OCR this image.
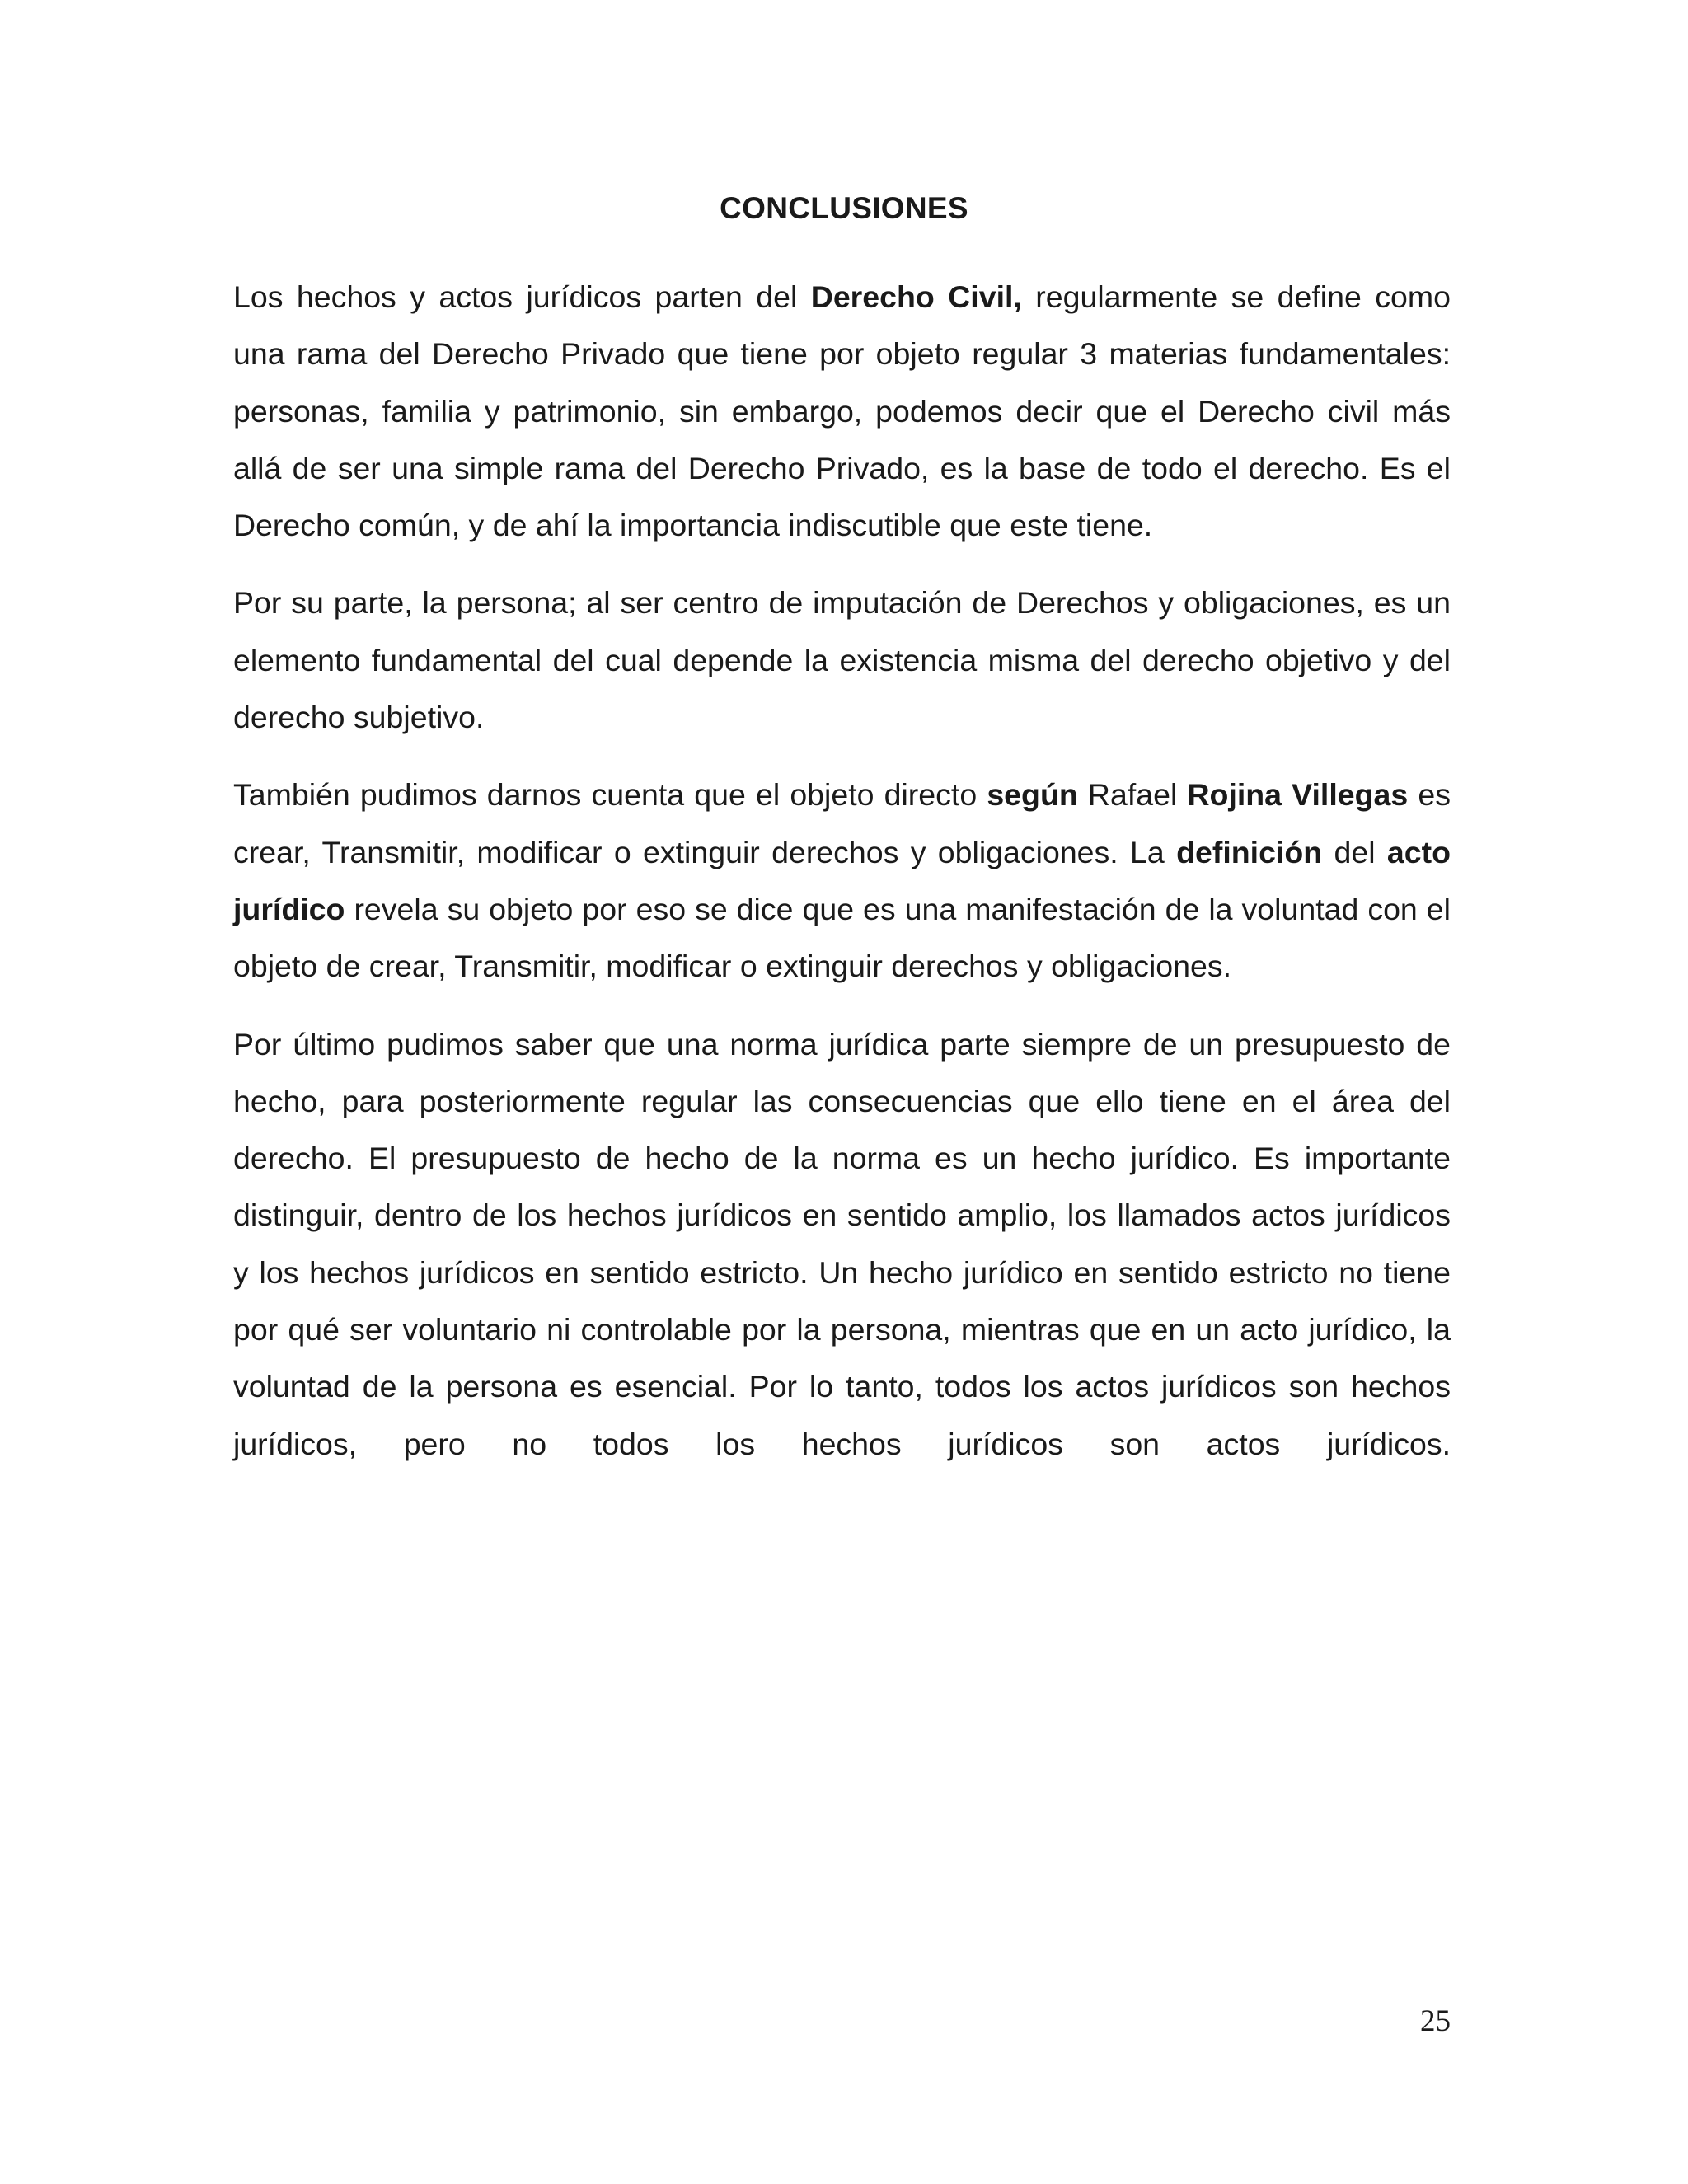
CONCLUSIONES

Los hechos y actos jurídicos parten del Derecho Civil, regularmente se define como una rama del Derecho Privado que tiene por objeto regular 3 materias fundamentales: personas, familia y patrimonio, sin embargo, podemos decir que el Derecho civil más allá de ser una simple rama del Derecho Privado, es la base de todo el derecho. Es el Derecho común, y de ahí la importancia indiscutible que este tiene.

Por su parte, la persona; al ser centro de imputación de Derechos y obligaciones, es un elemento fundamental del cual depende la existencia misma del derecho objetivo y del derecho subjetivo.

También pudimos darnos cuenta que el objeto directo según Rafael Rojina Villegas es crear, Transmitir, modificar o extinguir derechos y obligaciones. La definición del acto jurídico revela su objeto por eso se dice que es una manifestación de la voluntad con el objeto de crear, Transmitir, modificar o extinguir derechos y obligaciones.

Por último pudimos saber que una norma jurídica parte siempre de un presupuesto de hecho, para posteriormente regular las consecuencias que ello tiene en el área del derecho. El presupuesto de hecho de la norma es un hecho jurídico. Es importante distinguir, dentro de los hechos jurídicos en sentido amplio, los llamados actos jurídicos y los hechos jurídicos en sentido estricto. Un hecho jurídico en sentido estricto no tiene por qué ser voluntario ni controlable por la persona, mientras que en un acto jurídico, la voluntad de la persona es esencial. Por lo tanto, todos los actos jurídicos son hechos jurídicos, pero no todos los hechos jurídicos son actos jurídicos.

25
